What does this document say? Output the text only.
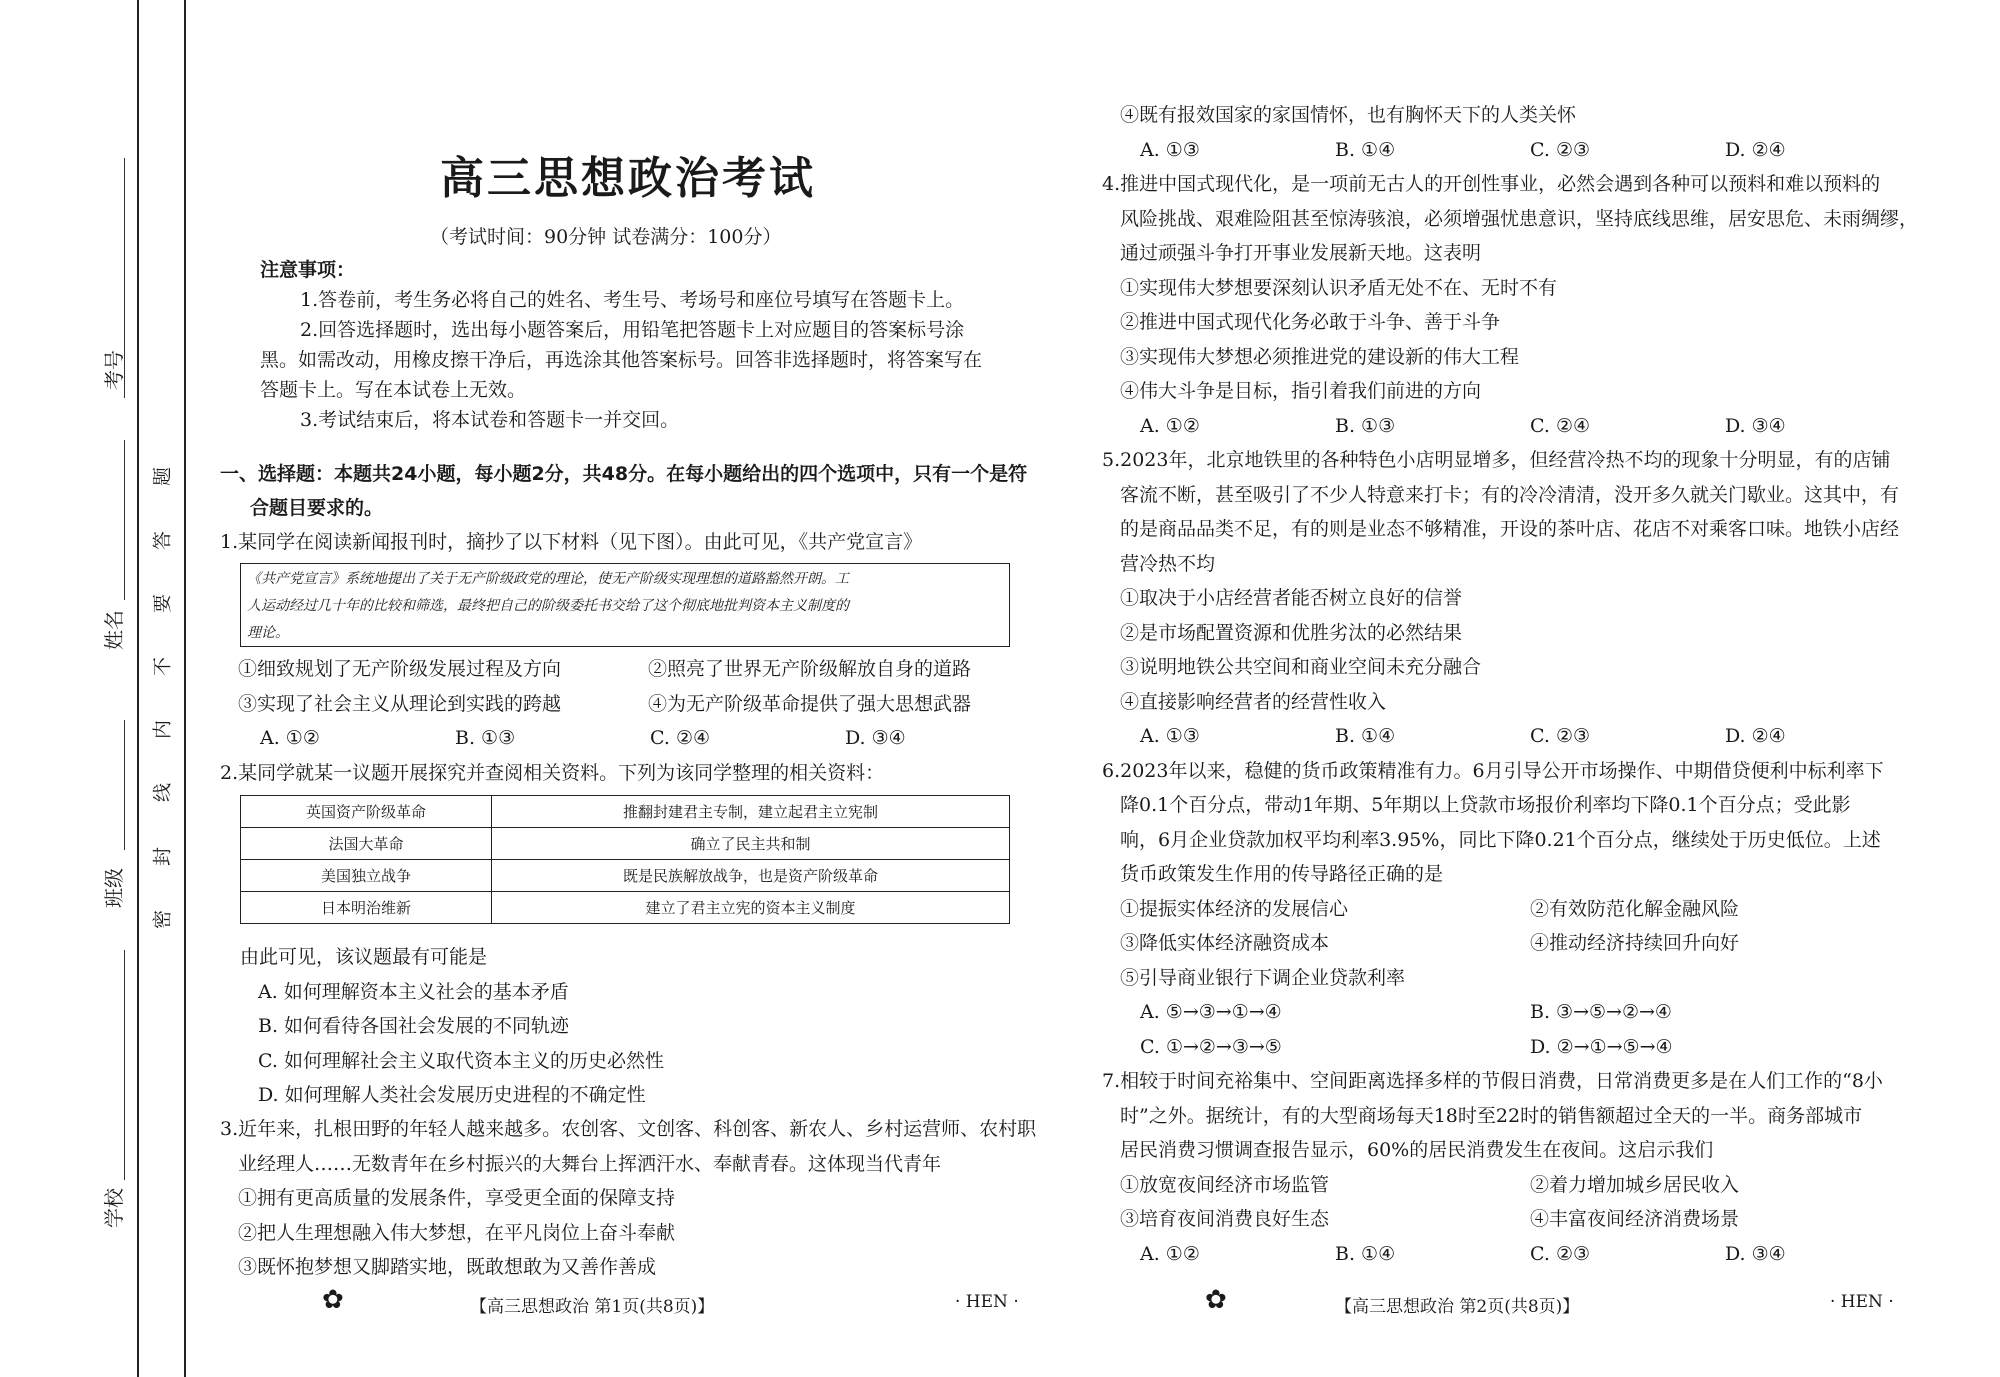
考号
姓名
班级
学校
题
答
要
不
内
线
封
密
高三思想政治考试
（考试时间：90分钟 试卷满分：100分）
注意事项：
1.答卷前，考生务必将自己的姓名、考生号、考场号和座位号填写在答题卡上。
2.回答选择题时，选出每小题答案后，用铅笔把答题卡上对应题目的答案标号涂
黑。如需改动，用橡皮擦干净后，再选涂其他答案标号。回答非选择题时，将答案写在
答题卡上。写在本试卷上无效。
3.考试结束后，将本试卷和答题卡一并交回。
一、选择题：本题共24小题，每小题2分，共48分。在每小题给出的四个选项中，只有一个是符
合题目要求的。
1.某同学在阅读新闻报刊时，摘抄了以下材料（见下图）。由此可见，《共产党宣言》
《共产党宣言》系统地提出了关于无产阶级政党的理论，使无产阶级实现理想的道路豁然开朗。工
人运动经过几十年的比较和筛选，最终把自己的阶级委托书交给了这个彻底地批判资本主义制度的
理论。
①细致规划了无产阶级发展过程及方向	②照亮了世界无产阶级解放自身的道路
③实现了社会主义从理论到实践的跨越	④为无产阶级革命提供了强大思想武器
A. ①②	B. ①③	C. ②④	D. ③④
2.某同学就某一议题开展探究并查阅相关资料。下列为该同学整理的相关资料：
英国资产阶级革命	推翻封建君主专制，建立起君主立宪制
法国大革命	确立了民主共和制
美国独立战争	既是民族解放战争，也是资产阶级革命
日本明治维新	建立了君主立宪的资本主义制度
由此可见，该议题最有可能是
A. 如何理解资本主义社会的基本矛盾
B. 如何看待各国社会发展的不同轨迹
C. 如何理解社会主义取代资本主义的历史必然性
D. 如何理解人类社会发展历史进程的不确定性
3.近年来，扎根田野的年轻人越来越多。农创客、文创客、科创客、新农人、乡村运营师、农村职
业经理人……无数青年在乡村振兴的大舞台上挥洒汗水、奉献青春。这体现当代青年
①拥有更高质量的发展条件，享受更全面的保障支持
②把人生理想融入伟大梦想，在平凡岗位上奋斗奉献
③既怀抱梦想又脚踏实地，既敢想敢为又善作善成
✿	【高三思想政治 第1页(共8页)】	· HEN ·
④既有报效国家的家国情怀，也有胸怀天下的人类关怀
A. ①③	B. ①④	C. ②③	D. ②④
4.推进中国式现代化，是一项前无古人的开创性事业，必然会遇到各种可以预料和难以预料的
风险挑战、艰难险阻甚至惊涛骇浪，必须增强忧患意识，坚持底线思维，居安思危、未雨绸缪，
通过顽强斗争打开事业发展新天地。这表明
①实现伟大梦想要深刻认识矛盾无处不在、无时不有
②推进中国式现代化务必敢于斗争、善于斗争
③实现伟大梦想必须推进党的建设新的伟大工程
④伟大斗争是目标，指引着我们前进的方向
A. ①②	B. ①③	C. ②④	D. ③④
5.2023年，北京地铁里的各种特色小店明显增多，但经营冷热不均的现象十分明显，有的店铺
客流不断，甚至吸引了不少人特意来打卡；有的冷冷清清，没开多久就关门歇业。这其中，有
的是商品品类不足，有的则是业态不够精准，开设的茶叶店、花店不对乘客口味。地铁小店经
营冷热不均
①取决于小店经营者能否树立良好的信誉
②是市场配置资源和优胜劣汰的必然结果
③说明地铁公共空间和商业空间未充分融合
④直接影响经营者的经营性收入
A. ①③	B. ①④	C. ②③	D. ②④
6.2023年以来，稳健的货币政策精准有力。6月引导公开市场操作、中期借贷便利中标利率下
降0.1个百分点，带动1年期、5年期以上贷款市场报价利率均下降0.1个百分点；受此影
响，6月企业贷款加权平均利率3.95%，同比下降0.21个百分点，继续处于历史低位。上述
货币政策发生作用的传导路径正确的是
①提振实体经济的发展信心	②有效防范化解金融风险
③降低实体经济融资成本	④推动经济持续回升向好
⑤引导商业银行下调企业贷款利率
A. ⑤→③→①→④	B. ③→⑤→②→④
C. ①→②→③→⑤	D. ②→①→⑤→④
7.相较于时间充裕集中、空间距离选择多样的节假日消费，日常消费更多是在人们工作的“8小
时”之外。据统计，有的大型商场每天18时至22时的销售额超过全天的一半。商务部城市
居民消费习惯调查报告显示，60%的居民消费发生在夜间。这启示我们
①放宽夜间经济市场监管	②着力增加城乡居民收入
③培育夜间消费良好生态	④丰富夜间经济消费场景
A. ①②	B. ①④	C. ②③	D. ③④
✿	【高三思想政治 第2页(共8页)】	· HEN ·
